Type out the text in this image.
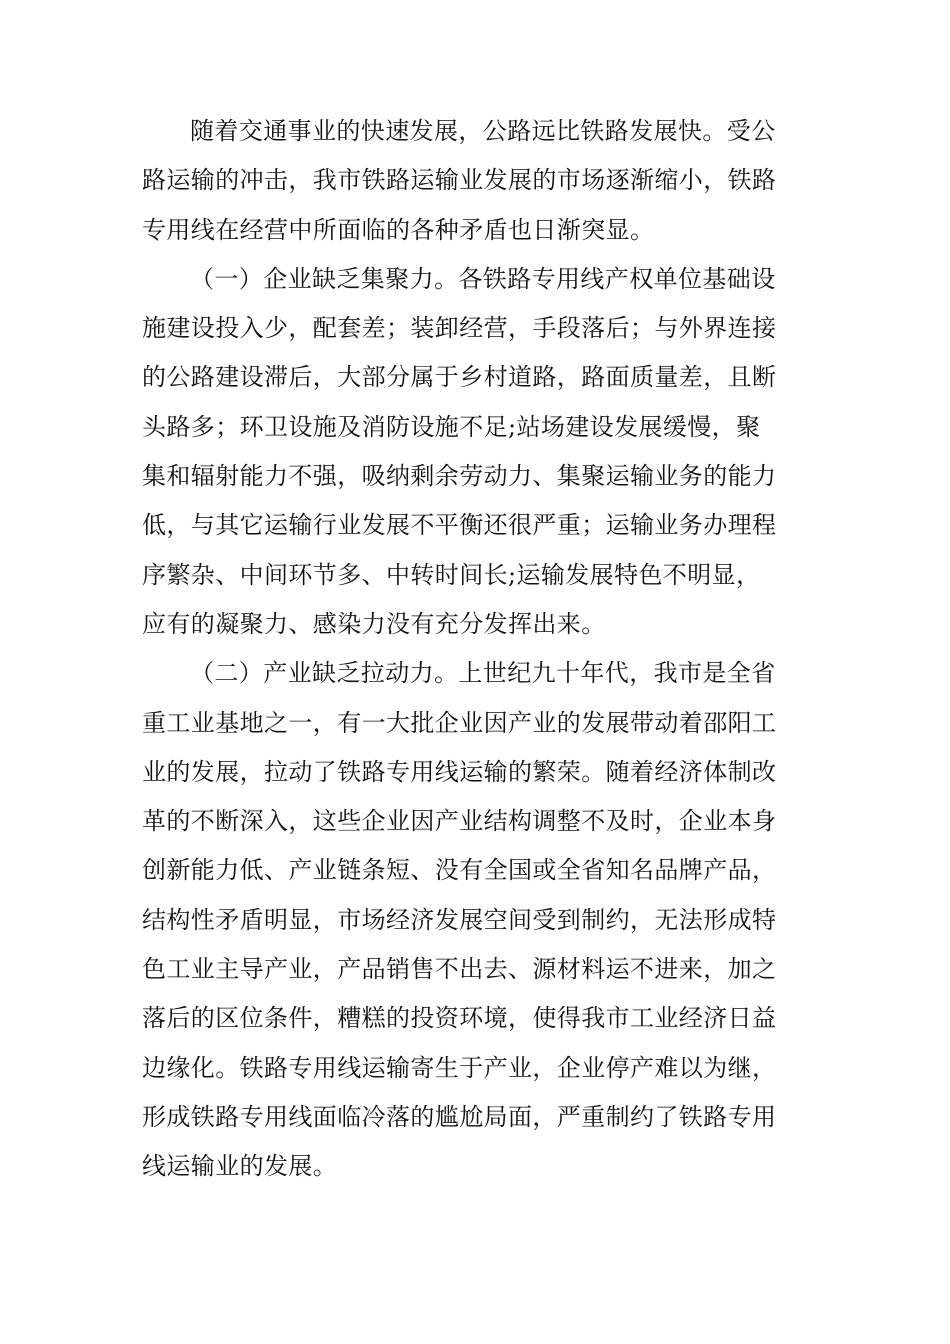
随着交通事业的快速发展，公路远比铁路发展快。受公
路运输的冲击，我市铁路运输业发展的市场逐渐缩小，铁路
专用线在经营中所面临的各种矛盾也日渐突显。
（一）企业缺乏集聚力。各铁路专用线产权单位基础设
施建设投入少，配套差；装卸经营，手段落后；与外界连接
的公路建设滞后，大部分属于乡村道路，路面质量差，且断
头路多；环卫设施及消防设施不足;站场建设发展缓慢，聚
集和辐射能力不强，吸纳剩余劳动力、集聚运输业务的能力
低，与其它运输行业发展不平衡还很严重；运输业务办理程
序繁杂、中间环节多、中转时间长;运输发展特色不明显，
应有的凝聚力、感染力没有充分发挥出来。
（二）产业缺乏拉动力。上世纪九十年代，我市是全省
重工业基地之一，有一大批企业因产业的发展带动着邵阳工
业的发展，拉动了铁路专用线运输的繁荣。随着经济体制改
革的不断深入，这些企业因产业结构调整不及时，企业本身
创新能力低、产业链条短、没有全国或全省知名品牌产品，
结构性矛盾明显，市场经济发展空间受到制约，无法形成特
色工业主导产业，产品销售不出去、源材料运不进来，加之
落后的区位条件，糟糕的投资环境，使得我市工业经济日益
边缘化。铁路专用线运输寄生于产业，企业停产难以为继，
形成铁路专用线面临冷落的尴尬局面，严重制约了铁路专用
线运输业的发展。
